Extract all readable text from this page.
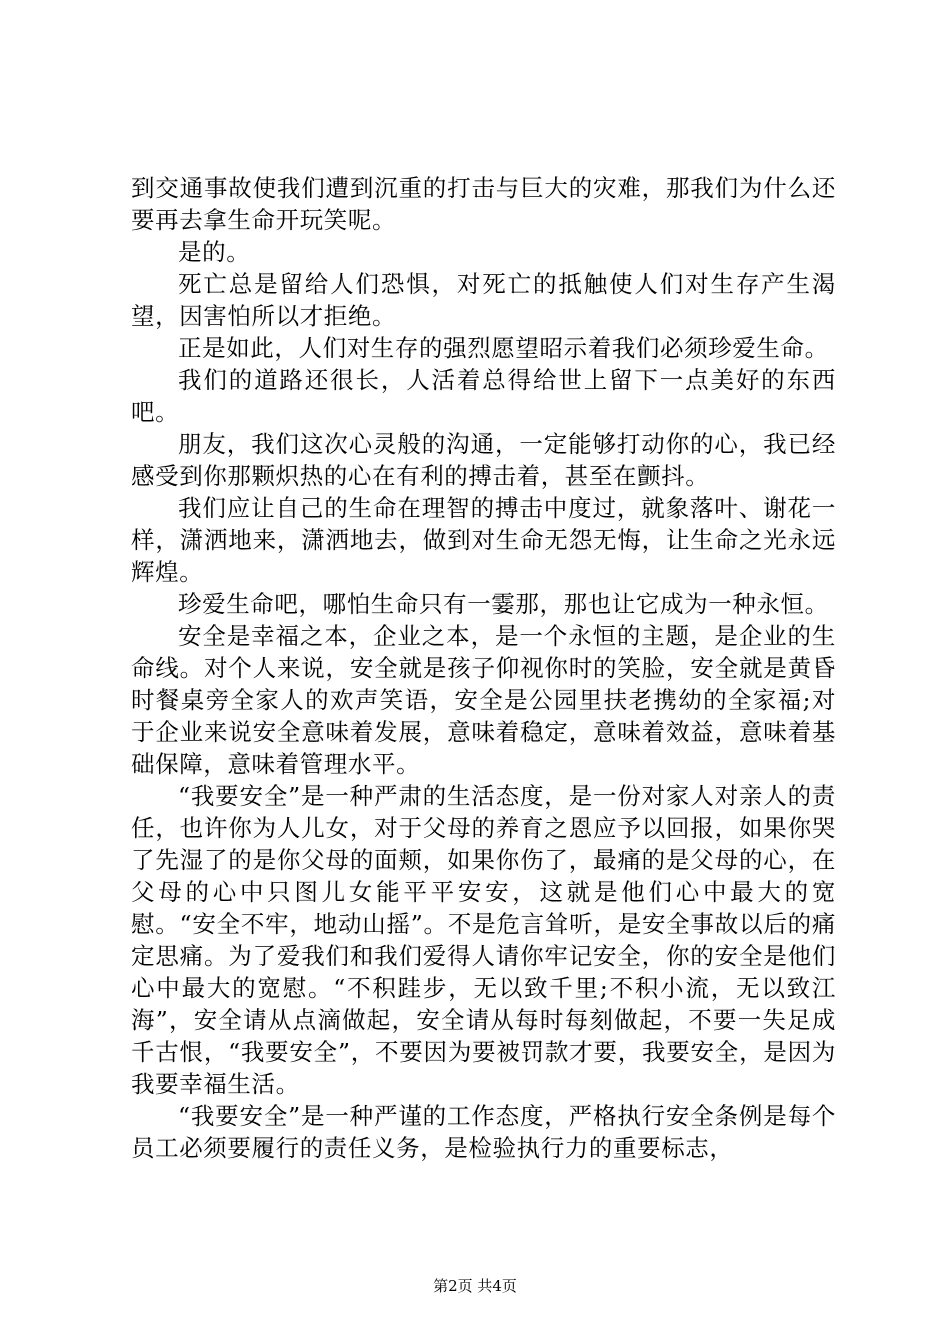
到交通事故使我们遭到沉重的打击与巨大的灾难，那我们为什么还要再去拿生命开玩笑呢。

是的。

死亡总是留给人们恐惧，对死亡的抵触使人们对生存产生渴望，因害怕所以才拒绝。

正是如此，人们对生存的强烈愿望昭示着我们必须珍爱生命。

我们的道路还很长，人活着总得给世上留下一点美好的东西吧。

朋友，我们这次心灵般的沟通，一定能够打动你的心，我已经感受到你那颗炽热的心在有利的搏击着，甚至在颤抖。

我们应让自己的生命在理智的搏击中度过，就象落叶、谢花一样，潇洒地来，潇洒地去，做到对生命无怨无悔，让生命之光永远辉煌。

珍爱生命吧，哪怕生命只有一霎那，那也让它成为一种永恒。

安全是幸福之本，企业之本，是一个永恒的主题，是企业的生命线。对个人来说，安全就是孩子仰视你时的笑脸，安全就是黄昏时餐桌旁全家人的欢声笑语，安全是公园里扶老携幼的全家福;对于企业来说安全意味着发展，意味着稳定，意味着效益，意味着基础保障，意味着管理水平。

“我要安全”是一种严肃的生活态度，是一份对家人对亲人的责任，也许你为人儿女，对于父母的养育之恩应予以回报，如果你哭了先湿了的是你父母的面颊，如果你伤了，最痛的是父母的心，在父母的心中只图儿女能平平安安，这就是他们心中最大的宽慰。“安全不牢，地动山摇”。不是危言耸听，是安全事故以后的痛定思痛。为了爱我们和我们爱得人请你牢记安全，你的安全是他们心中最大的宽慰。“不积跬步，无以致千里;不积小流，无以致江海”，安全请从点滴做起，安全请从每时每刻做起，不要一失足成千古恨，“我要安全”，不要因为要被罚款才要，我要安全，是因为我要幸福生活。

“我要安全”是一种严谨的工作态度，严格执行安全条例是每个员工必须要履行的责任义务，是检验执行力的重要标志，

第2页 共4页
